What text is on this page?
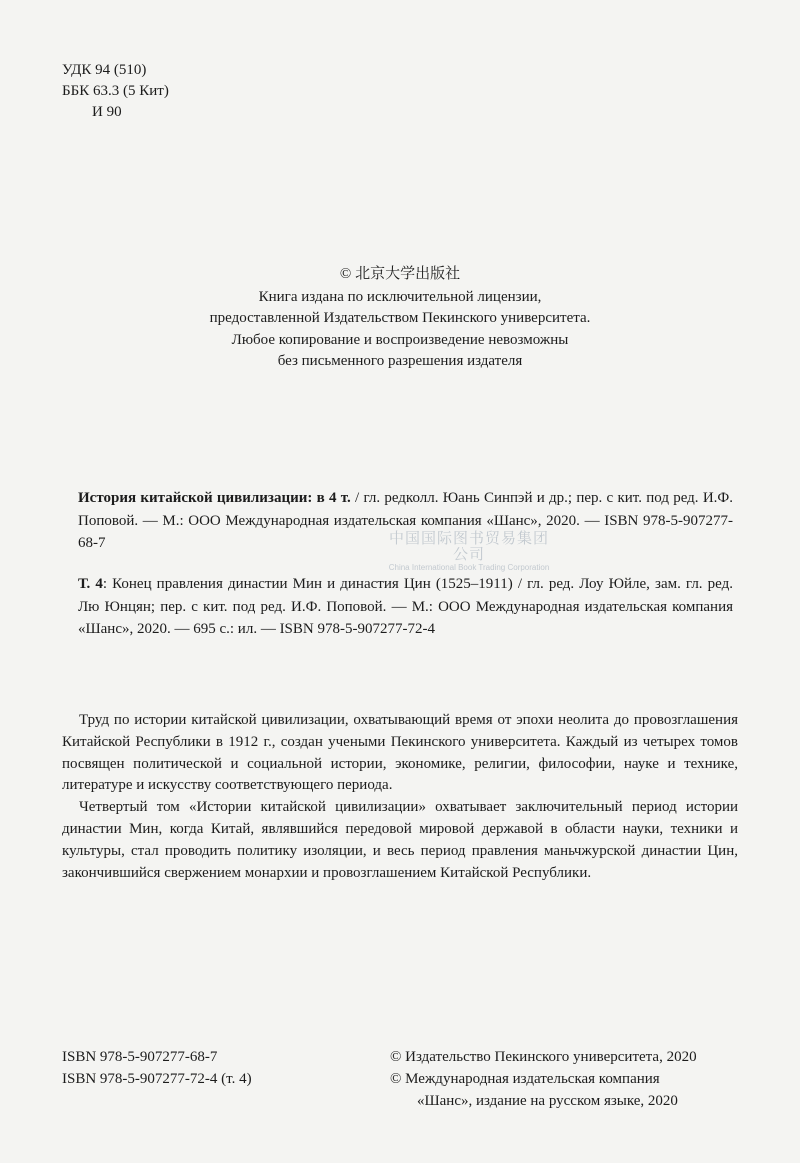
УДК 94 (510)
ББК 63.3 (5 Кит)
И 90
© 北京大学出版社
Книга издана по исключительной лицензии,
предоставленной Издательством Пекинского университета.
Любое копирование и воспроизведение невозможны
без письменного разрешения издателя

История китайской цивилизации: в 4 т. / гл. редколл. Юань Синпэй и др.; пер. с кит. под ред. И.Ф. Поповой. — М.: ООО Международная издательская компания «Шанс», 2020. — ISBN 978-5-907277-68-7	中国国际图书贸易集团公司
China International Book Trading Corporation

Т. 4: Конец правления династии Мин и династия Цин (1525–1911) / гл. ред. Лоу Юйле, зам. гл. ред. Лю Юнцян; пер. с кит. под ред. И.Ф. Поповой. — М.: ООО Международная издательская компания «Шанс», 2020. — 695 с.: ил. — ISBN 978-5-907277-72-4

Труд по истории китайской цивилизации, охватывающий время от эпохи неолита до провозглашения Китайской Республики в 1912 г., создан учеными Пекинского университета. Каждый из четырех томов посвящен политической и социальной истории, экономике, религии, философии, науке и технике, литературе и искусству соответствующего периода.

Четвертый том «Истории китайской цивилизации» охватывает заключительный период истории династии Мин, когда Китай, являвшийся передовой мировой державой в области науки, техники и культуры, стал проводить политику изоляции, и весь период правления маньчжурской династии Цин, закончившийся свержением монархии и провозглашением Китайской Республики.

ISBN 978-5-907277-68-7
ISBN 978-5-907277-72-4 (т. 4)
© Издательство Пекинского университета, 2020
© Международная издательская компания
«Шанс», издание на русском языке, 2020
